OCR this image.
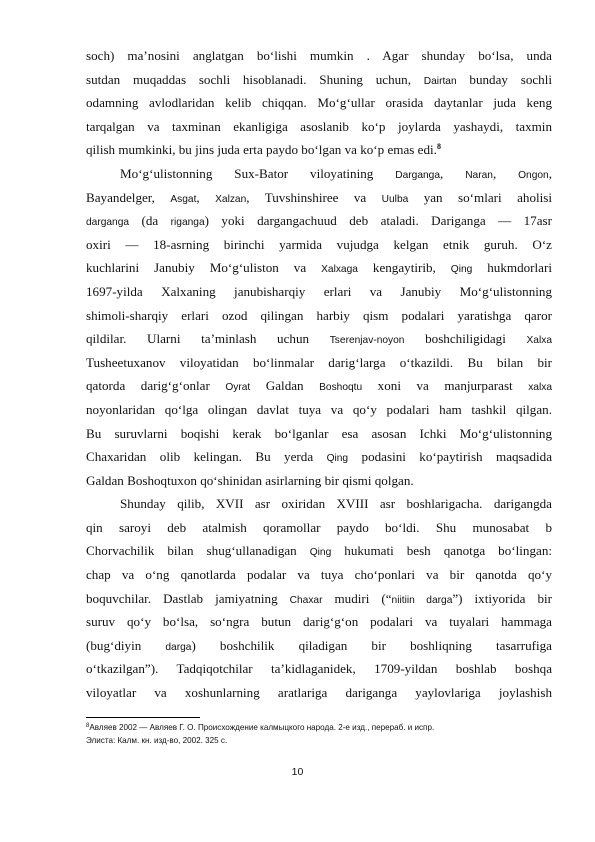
soch) maʼnosini anglatgan boʻlishi mumkin . Agar shunday boʻlsa, unda
sutdan muqaddas sochli hisoblanadi. Shuning uchun, Dairtan bunday sochli
odamning avlodlaridan kelib chiqqan. Moʻgʻullar orasida daytanlar juda keng
tarqalgan va taxminan ekanligiga asoslanib koʻp joylarda yashaydi, taxmin
qilish mumkinki, bu jins juda erta paydo boʻlgan va koʻp emas edi.$^8$
Moʻgʻulistonning Sux-Bator viloyatining Darganga, Naran, Ongon,
Bayandelger, Asgat, Xalzan, Tuvshinshiree va Uulba yan soʻmlari aholisi
darganga (da riganga) yoki dargangachuud deb ataladi. Dariganga — 17asr
oxiri — 18-asrning birinchi yarmida vujudga kelgan etnik guruh. Oʻz
kuchlarini Janubiy Moʻgʻuliston va Xalxaga kengaytirib, Qing hukmdorlari
1697-yilda Xalxaning janubisharqiy erlari va Janubiy Moʻgʻulistonning
shimoli-sharqiy erlari ozod qilingan harbiy qism podalari yaratishga qaror
qildilar. Ularni taʼminlash uchun Tserenjav-noyon boshchiligidagi Xalxa
Tusheetuxanov viloyatidan boʻlinmalar darigʻlarga oʻtkazildi. Bu bilan bir
qatorda darigʻgʻonlar Oyrat Galdan Boshoqtu xoni va manjurparast xalxa
noyonlaridan qoʻlga olingan davlat tuya va qoʻy podalari ham tashkil qilgan.
Bu suruvlarni boqishi kerak boʻlganlar esa asosan Ichki Moʻgʻulistonning
Chaxaridan olib kelingan. Bu yerda Qing podasini koʻpaytirish maqsadida
Galdan Boshoqtuxon qoʻshinidan asirlarning bir qismi qolgan.
Shunday qilib, XVII asr oxiridan XVIII asr boshlarigacha. darigangda
qin saroyi deb atalmish qoramollar paydo boʻldi. Shu munosabat b
Chorvachilik bilan shugʻullanadigan Qing hukumati besh qanotga boʻlingan:
chap va oʻng qanotlarda podalar va tuya choʻponlari va bir qanotda qoʻy
boquvchilar. Dastlab jamiyatning Chaxar mudiri (“niitiin darga”) ixtiyorida bir
suruv qoʻy boʻlsa, soʻngra butun darigʻgʻon podalari va tuyalari hammaga
(bugʻdiyin darga) boshchilik qiladigan bir boshliqning tasarrufiga
oʻtkazilgan”). Tadqiqotchilar ta’kidlaganidek, 1709-yildan boshlab boshqa
viloyatlar va xoshunlarning aratlariga dariganga yaylovlariga joylashish
$^8$Авляев 2002 — Авляев Г. О. Происхождение калмыцкого народа. 2-е изд., перераб. и испр.
Элиста: Калм. кн. изд-во, 2002. 325 с.
10
